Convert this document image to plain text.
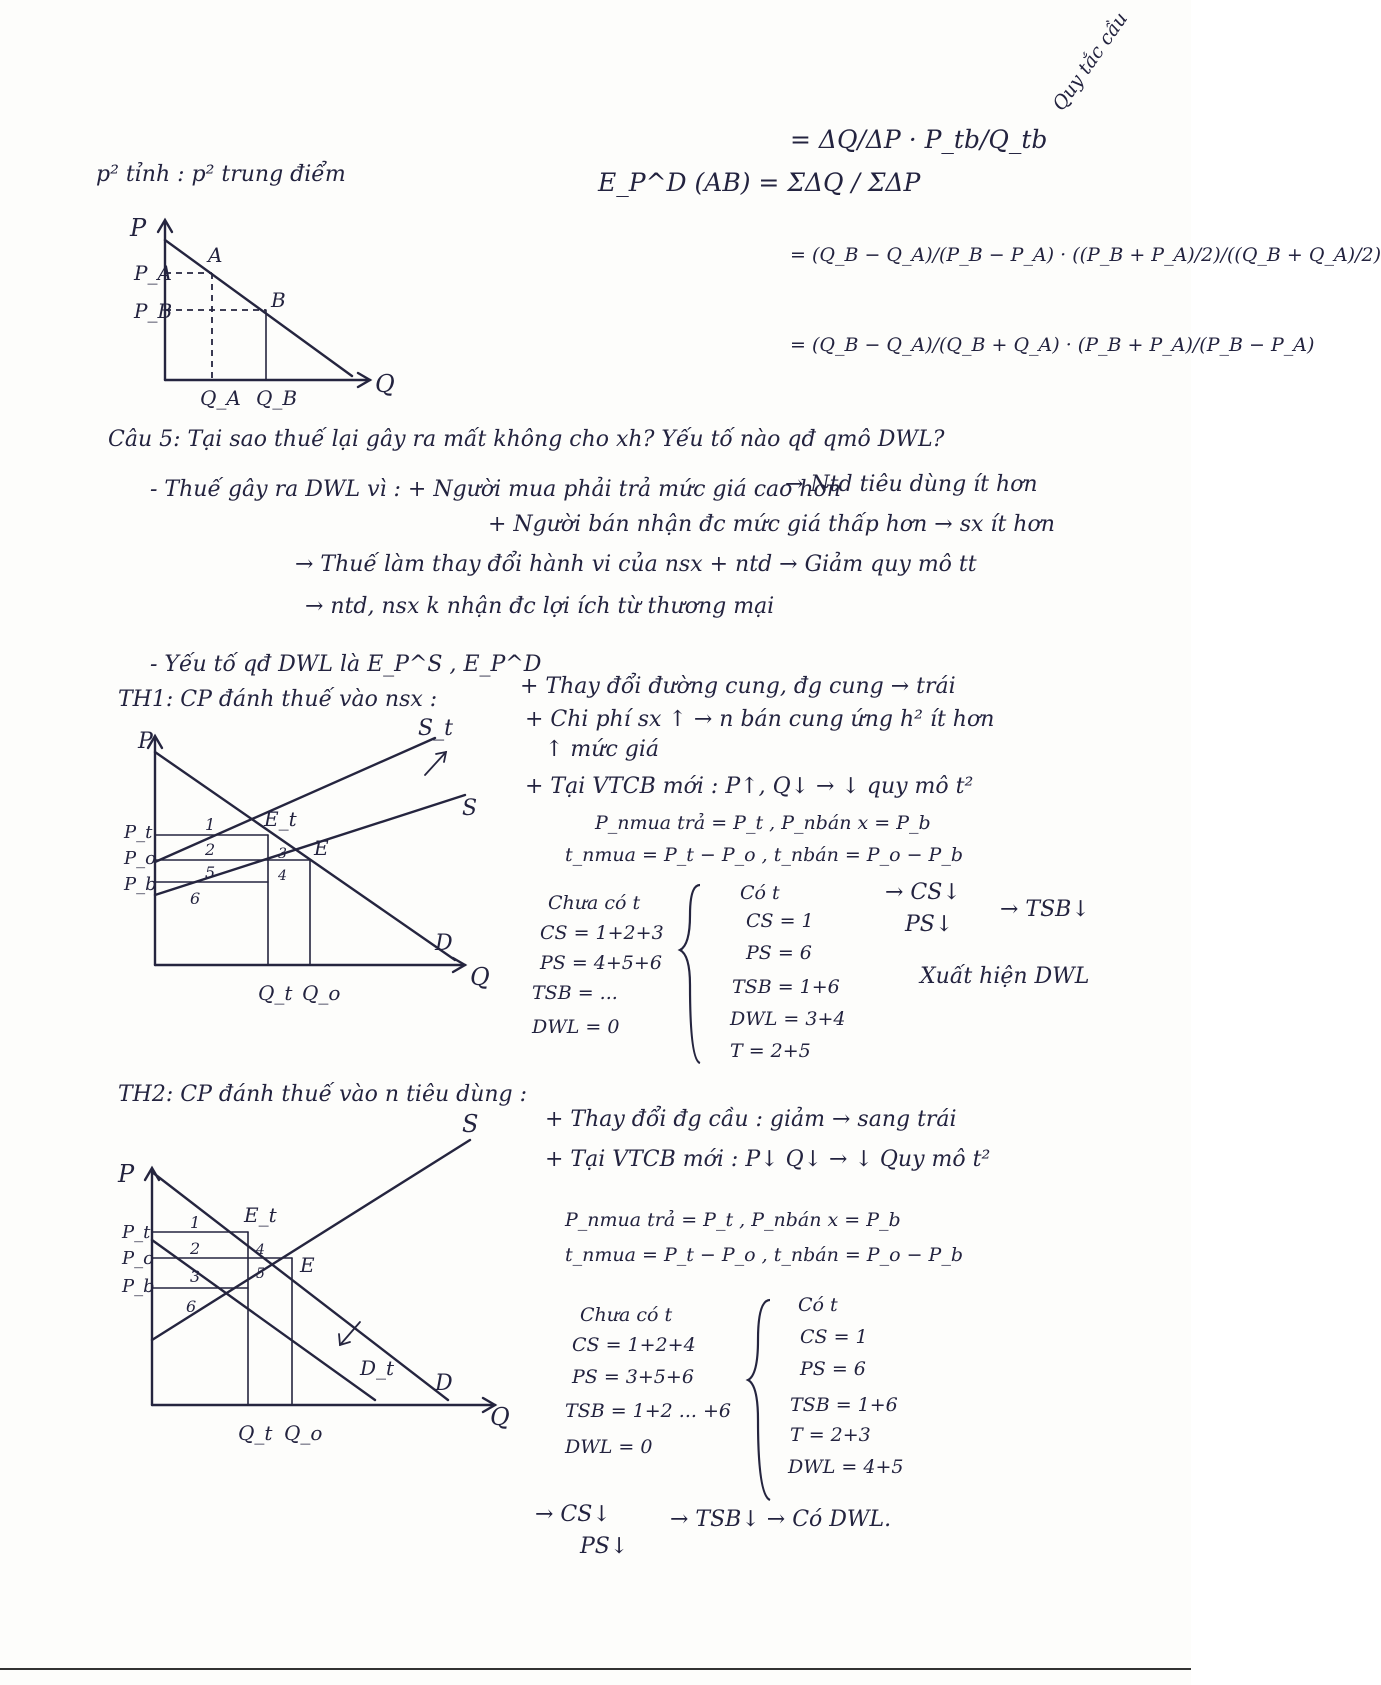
p² tỉnh : p² trung điểm
P
Q
P_A
P_B
Q_A Q_B
A
B
E_P^D (AB) = ΣΔQ / ΣΔP
= ΔQ/ΔP · P_tb/Q_tb
= (Q_B − Q_A)/(P_B − P_A) · ((P_B + P_A)/2)/((Q_B + Q_A)/2)
= (Q_B − Q_A)/(Q_B + Q_A) · (P_B + P_A)/(P_B − P_A)
Quy tắc cầu
Câu 5: Tại sao thuế lại gây ra mất không cho xh? Yếu tố nào qđ qmô DWL?
- Thuế gây ra DWL vì : + Người mua phải trả mức giá cao hơn
→ Ntd tiêu dùng ít hơn
+ Người bán nhận đc mức giá thấp hơn → sx ít hơn
→ Thuế làm thay đổi hành vi của nsx + ntd → Giảm quy mô tt
→ ntd, nsx k nhận đc lợi ích từ thương mại
- Yếu tố qđ DWL là E_P^S , E_P^D
TH1: CP đánh thuế vào nsx :
+ Thay đổi đường cung, đg cung → trái
+ Chi phí sx ↑ → n bán cung ứng h² ít hơn
↑ mức giá
+ Tại VTCB mới : P↑, Q↓ → ↓ quy mô t²
P_nmua trả = P_t , P_nbán x = P_b
t_nmua = P_t − P_o , t_nbán = P_o − P_b
P
Q
S_t
S
D
E
E_t
P_t
P_o
P_b
Q_t Q_o
1
2	3
4
5
6	Chưa có t
CS = 1+2+3
PS = 4+5+6
TSB = ...
DWL = 0
Có t
CS = 1
PS = 6
TSB = 1+6
DWL = 3+4
T = 2+5
→ CS↓
PS↓
→ TSB↓
Xuất hiện DWL
TH2: CP đánh thuế vào n tiêu dùng :
+ Thay đổi đg cầu : giảm → sang trái
+ Tại VTCB mới : P↓ Q↓ → ↓ Quy mô t²
P_nmua trả = P_t , P_nbán x = P_b
t_nmua = P_t − P_o , t_nbán = P_o − P_b
P
Q
S
D
D_t
E
E_t
P_t
P_o
P_b
Q_t Q_o
1
2
3
4
5
6	Chưa có t
CS = 1+2+4
PS = 3+5+6
TSB = 1+2 ... +6
DWL = 0
Có t
CS = 1
PS = 6
TSB = 1+6
T = 2+3
DWL = 4+5
→ CS↓
PS↓
→ TSB↓ → Có DWL.
